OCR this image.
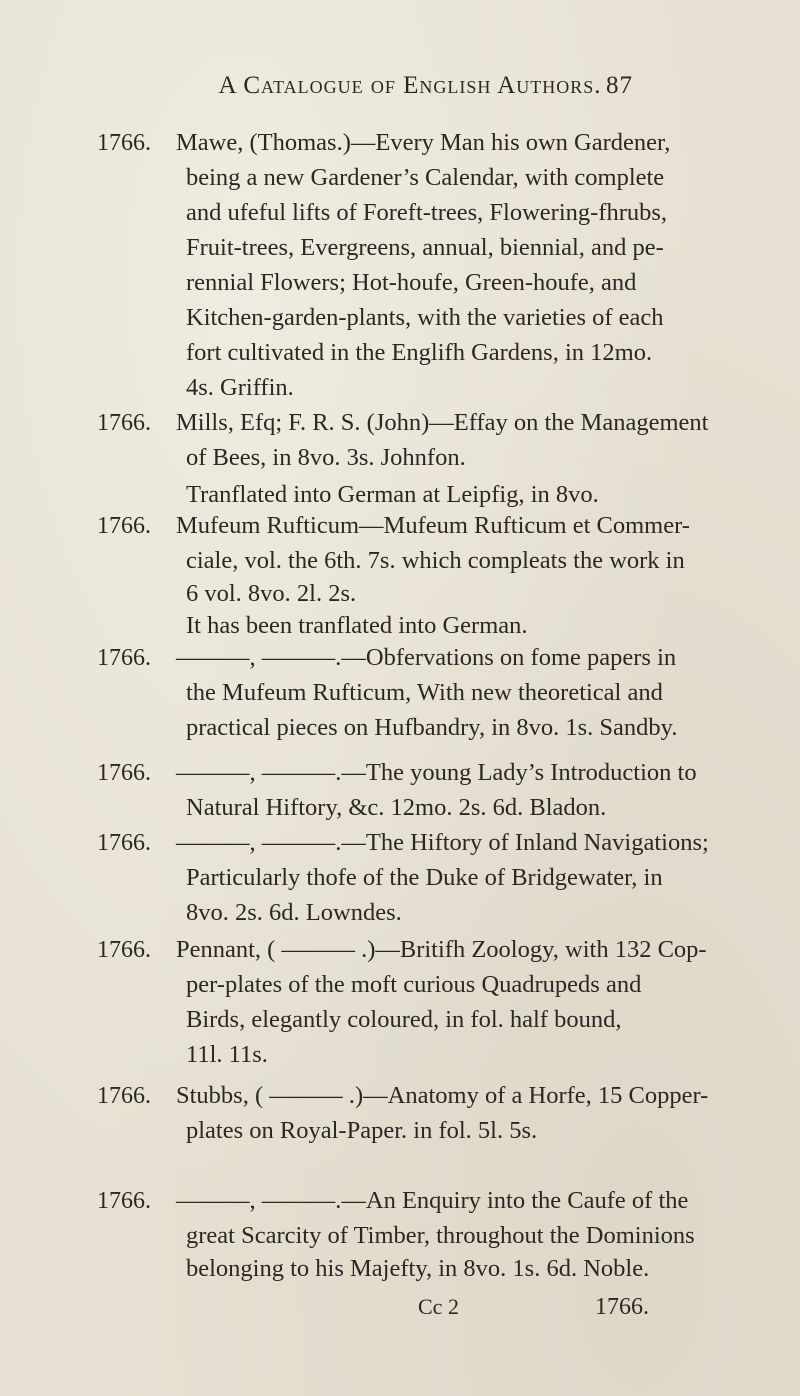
A Catalogue of English Authors. 87
1766. Mawe, (Thomas.)—Every Man his own Gardener,
being a new Gardener’s Calendar, with complete
and ufeful lifts of Foreft-trees, Flowering-fhrubs,
Fruit-trees, Evergreens, annual, biennial, and pe-
rennial Flowers; Hot-houfe, Green-houfe, and
Kitchen-garden-plants, with the varieties of each
fort cultivated in the Englifh Gardens, in 12mo.
4s. Griffin.
1766. Mills, Efq; F. R. S. (John)—Effay on the Management
of Bees, in 8vo. 3s. Johnfon.
Tranflated into German at Leipfig, in 8vo.
1766. Mufeum Rufticum—Mufeum Rufticum et Commer-
ciale, vol. the 6th. 7s. which compleats the work in
6 vol. 8vo. 2l. 2s.
It has been tranflated into German.
1766. ———, ———.—Obfervations on fome papers in
the Mufeum Rufticum, With new theoretical and
practical pieces on Hufbandry, in 8vo. 1s. Sandby.
1766. ———, ———.—The young Lady’s Introduction to
Natural Hiftory, &c. 12mo. 2s. 6d. Bladon.
1766. ———, ———.—The Hiftory of Inland Navigations;
Particularly thofe of the Duke of Bridgewater, in
8vo. 2s. 6d. Lowndes.
1766. Pennant, ( ——— .)—Britifh Zoology, with 132 Cop-
per-plates of the moft curious Quadrupeds and
Birds, elegantly coloured, in fol. half bound,
11l. 11s.
1766. Stubbs, ( ——— .)—Anatomy of a Horfe, 15 Copper-
plates on Royal-Paper. in fol. 5l. 5s.
1766. ———, ———.—An Enquiry into the Caufe of the
great Scarcity of Timber, throughout the Dominions
belonging to his Majefty, in 8vo. 1s. 6d. Noble.
Cc 2	1766.
